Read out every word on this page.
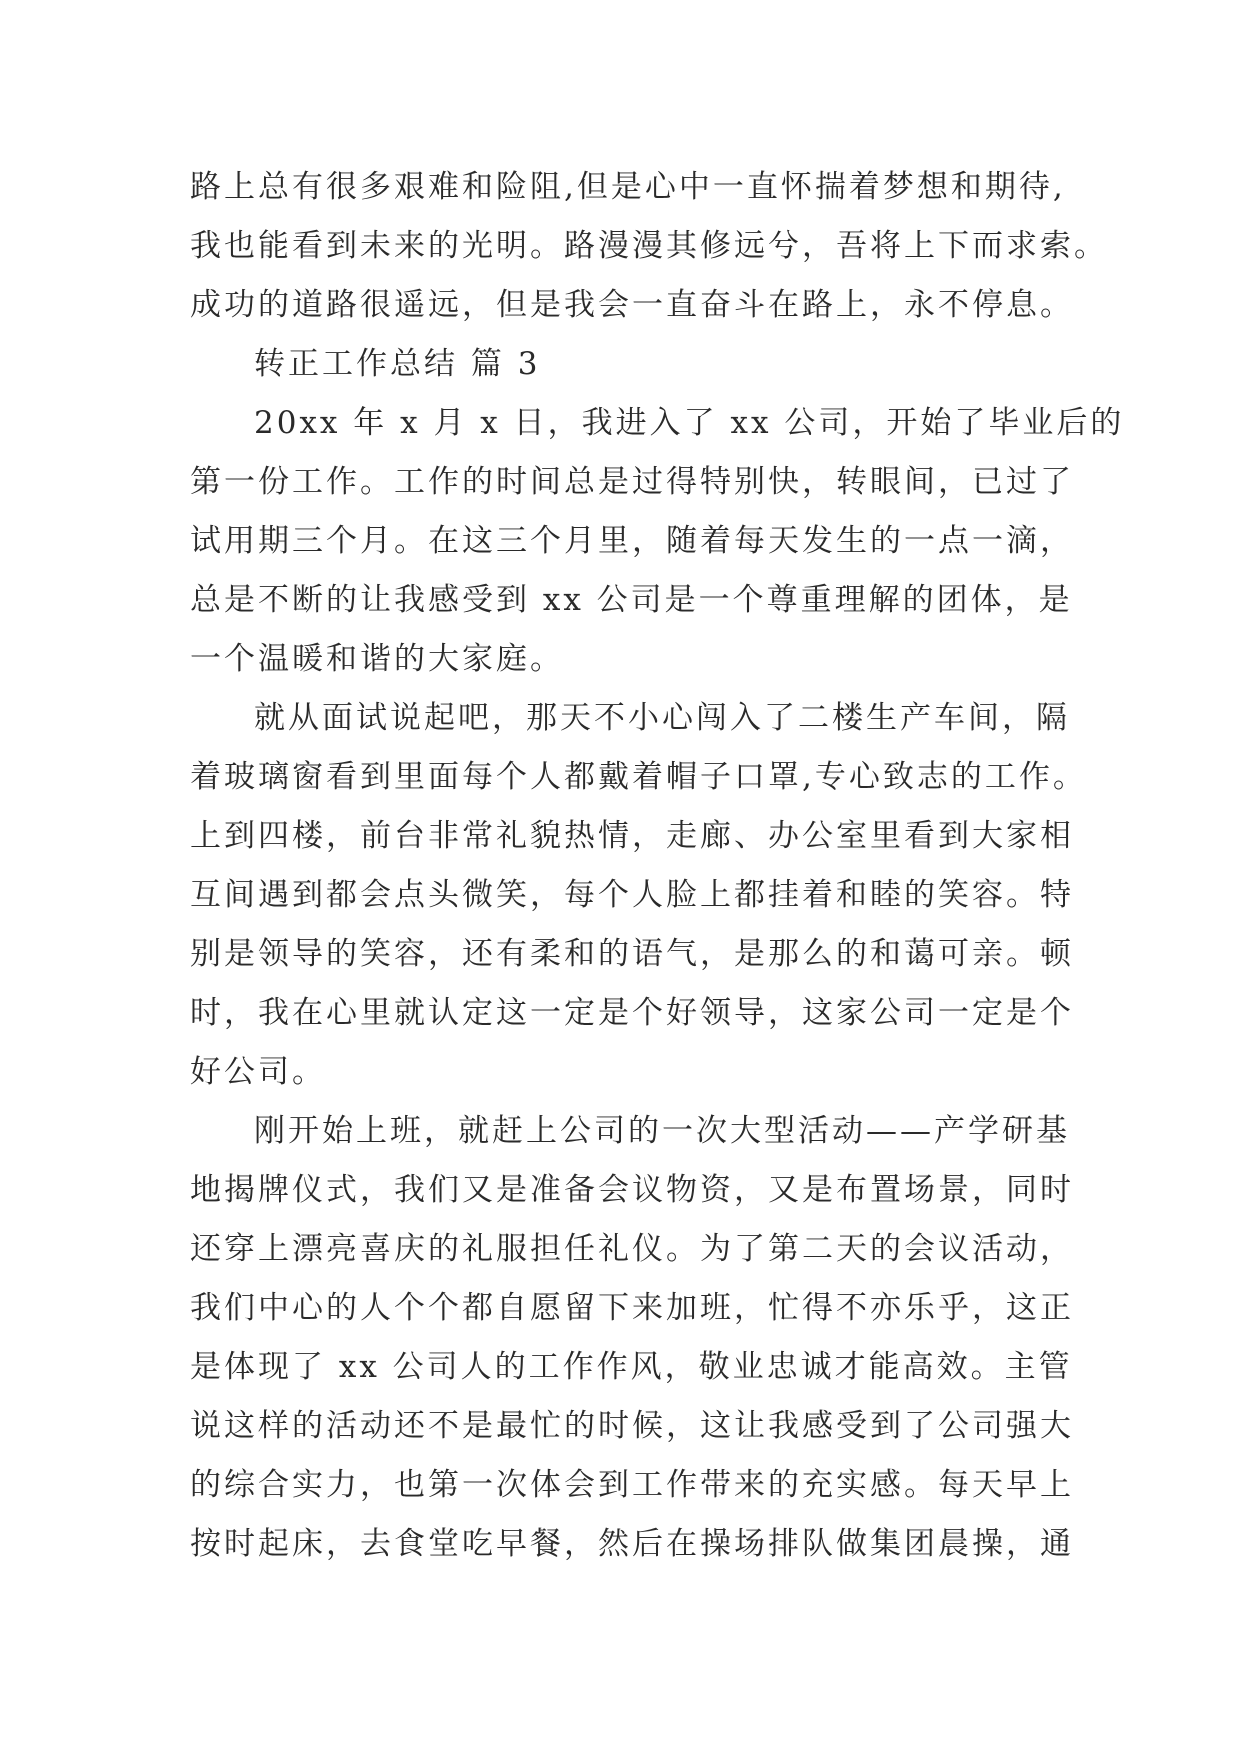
路上总有很多艰难和险阻,但是心中一直怀揣着梦想和期待,
我也能看到未来的光明。路漫漫其修远兮，吾将上下而求索。
成功的道路很遥远，但是我会一直奋斗在路上，永不停息。
转正工作总结 篇 3
20xx 年 x 月 x 日，我进入了 xx 公司，开始了毕业后的
第一份工作。工作的时间总是过得特别快，转眼间，已过了
试用期三个月。在这三个月里，随着每天发生的一点一滴，
总是不断的让我感受到 xx 公司是一个尊重理解的团体，是
一个温暖和谐的大家庭。
就从面试说起吧，那天不小心闯入了二楼生产车间，隔
着玻璃窗看到里面每个人都戴着帽子口罩,专心致志的工作。
上到四楼，前台非常礼貌热情，走廊、办公室里看到大家相
互间遇到都会点头微笑，每个人脸上都挂着和睦的笑容。特
别是领导的笑容，还有柔和的语气，是那么的和蔼可亲。顿
时，我在心里就认定这一定是个好领导，这家公司一定是个
好公司。
刚开始上班，就赶上公司的一次大型活动——产学研基
地揭牌仪式，我们又是准备会议物资，又是布置场景，同时
还穿上漂亮喜庆的礼服担任礼仪。为了第二天的会议活动，
我们中心的人个个都自愿留下来加班，忙得不亦乐乎，这正
是体现了 xx 公司人的工作作风，敬业忠诚才能高效。主管
说这样的活动还不是最忙的时候，这让我感受到了公司强大
的综合实力，也第一次体会到工作带来的充实感。每天早上
按时起床，去食堂吃早餐，然后在操场排队做集团晨操，通
